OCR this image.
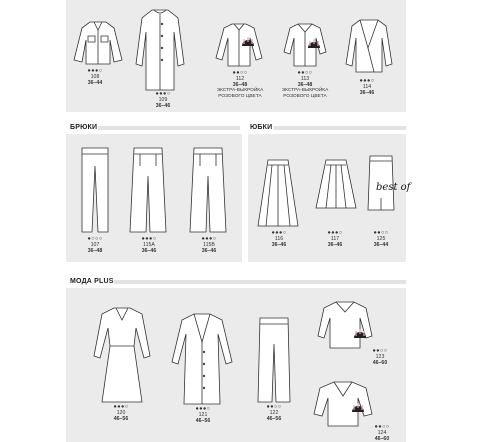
●●●○
108
36–44
●●●○
109
36–46
●●○○
112
36–48
ЭКСТРА-ВЫКРОЙКА
РОЗОВОГО ЦВЕТА
●●○○
113
36–48
ЭКСТРА-ВЫКРОЙКА
РОЗОВОГО ЦВЕТА
●●●○
114
36–46
БРЮКИ
●○○○
107
36–48
●●●○
115A
36–46
●●●○
115B
36–46
ЮБКИ
●●●○
116
36–46
●●●○
117
36–46
best of
●●○○
125
36–44
МОДА PLUS
●●●○
120
46–56
●●●○
121
46–56
●●○○
122
46–56
●●○○
123
46–60
●●○○
124
46–60
